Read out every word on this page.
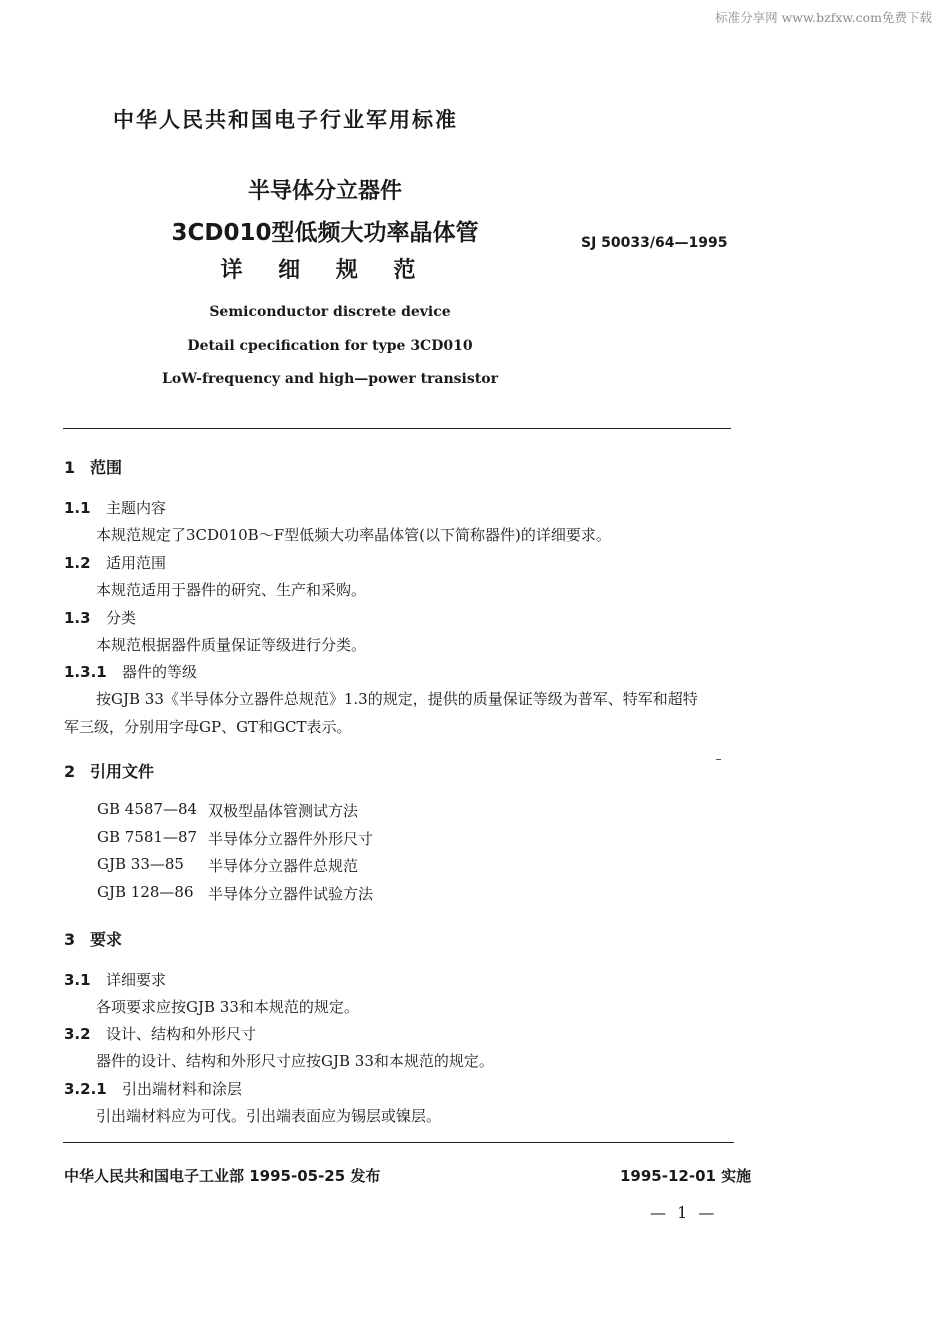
标准分享网 www.bzfxw.com免费下载
中华人民共和国电子行业军用标准
半导体分立器件
3CD010型低频大功率晶体管
详 细 规 范
SJ 50033/64—1995
Semiconductor discrete device
Detail cpecification for type 3CD010
LoW-frequency and high—power transistor
1 范围
1.1 主题内容
本规范规定了3CD010B～F型低频大功率晶体管(以下简称器件)的详细要求。
1.2 适用范围
本规范适用于器件的研究、生产和采购。
1.3 分类
本规范根据器件质量保证等级进行分类。
1.3.1 器件的等级
按GJB 33《半导体分立器件总规范》1.3的规定，提供的质量保证等级为普军、特军和超特
军三级，分别用字母GP、GT和GCT表示。
2 引用文件
GB 4587—84 双极型晶体管测试方法
GB 7581—87 半导体分立器件外形尺寸
GJB 33—85 半导体分立器件总规范
GJB 128—86 半导体分立器件试验方法
3 要求
3.1 详细要求
各项要求应按GJB 33和本规范的规定。
3.2 设计、结构和外形尺寸
器件的设计、结构和外形尺寸应按GJB 33和本规范的规定。
3.2.1 引出端材料和涂层
引出端材料应为可伐。引出端表面应为锡层或镍层。
中华人民共和国电子工业部 1995-05-25 发布	1995-12-01 实施
— 1 —
